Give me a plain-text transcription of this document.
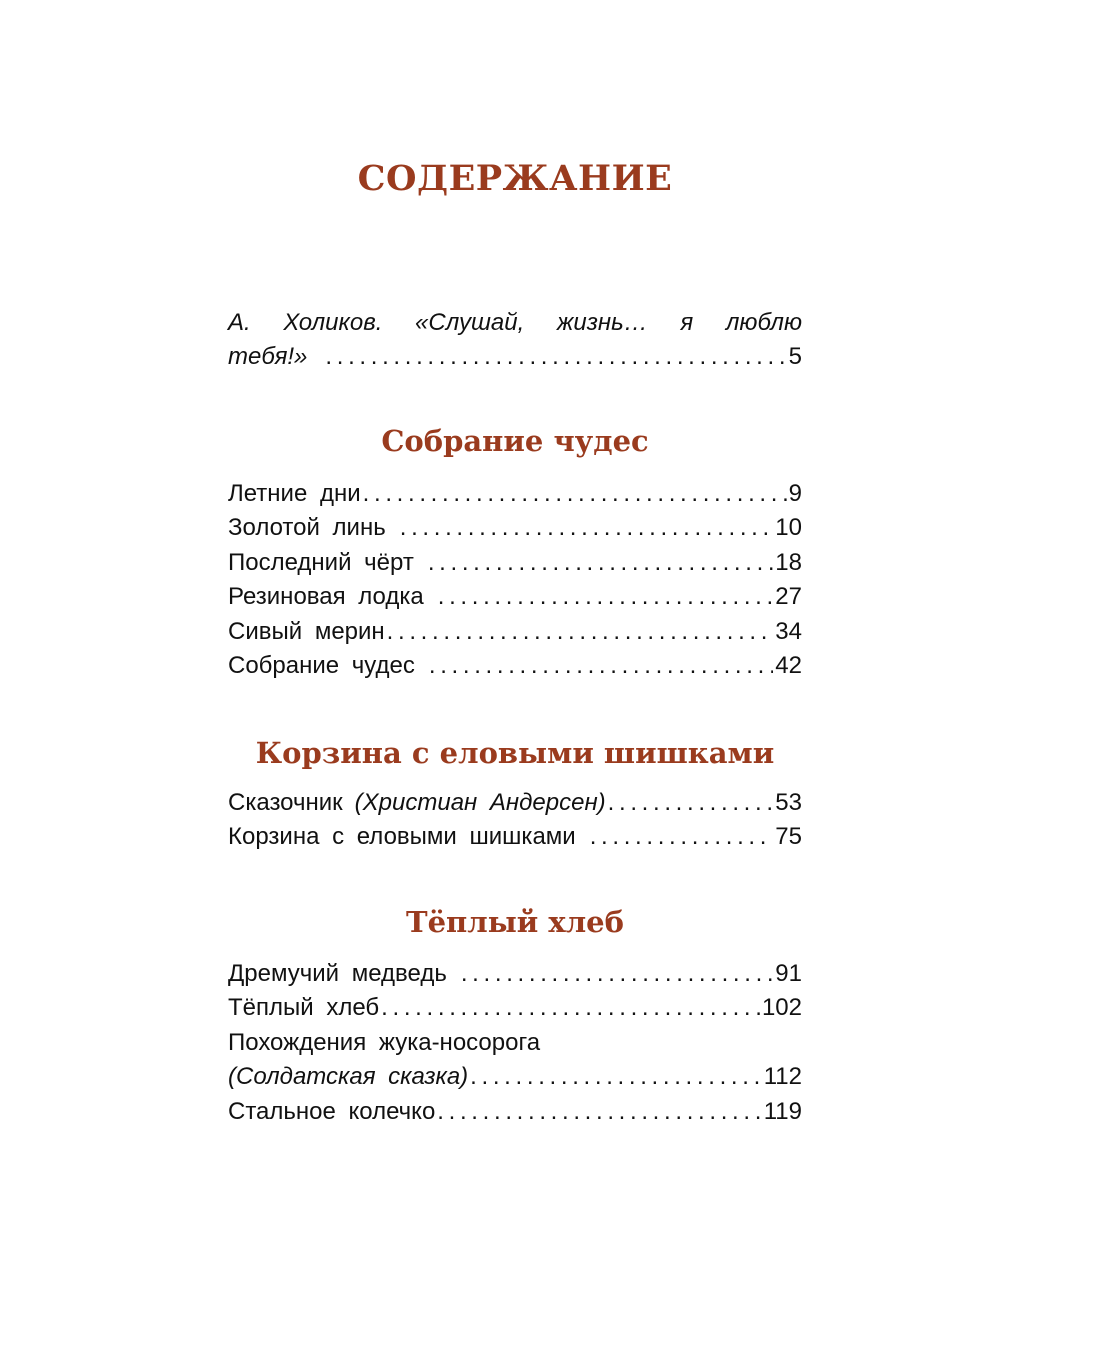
СОДЕРЖАНИЕ
А. Холиков. «Слушай, жизнь… я люблю
тебя!» . . .	5
Собрание чудес
Летние дни . . .	9
Золотой линь . . .	10
Последний чёрт . . .	18
Резиновая лодка . . .	27
Сивый мерин . . .	34
Собрание чудес . . .	42
Корзина с еловыми шишками
Сказочник (Христиан Андерсен) . . .	53
Корзина с еловыми шишками . . .	75
Тёплый хлеб
Дремучий медведь . . .	91
Тёплый хлеб . . .	102
Похождения жука-носорога
(Солдатская сказка) . . .	112
Стальное колечко . . .	119
